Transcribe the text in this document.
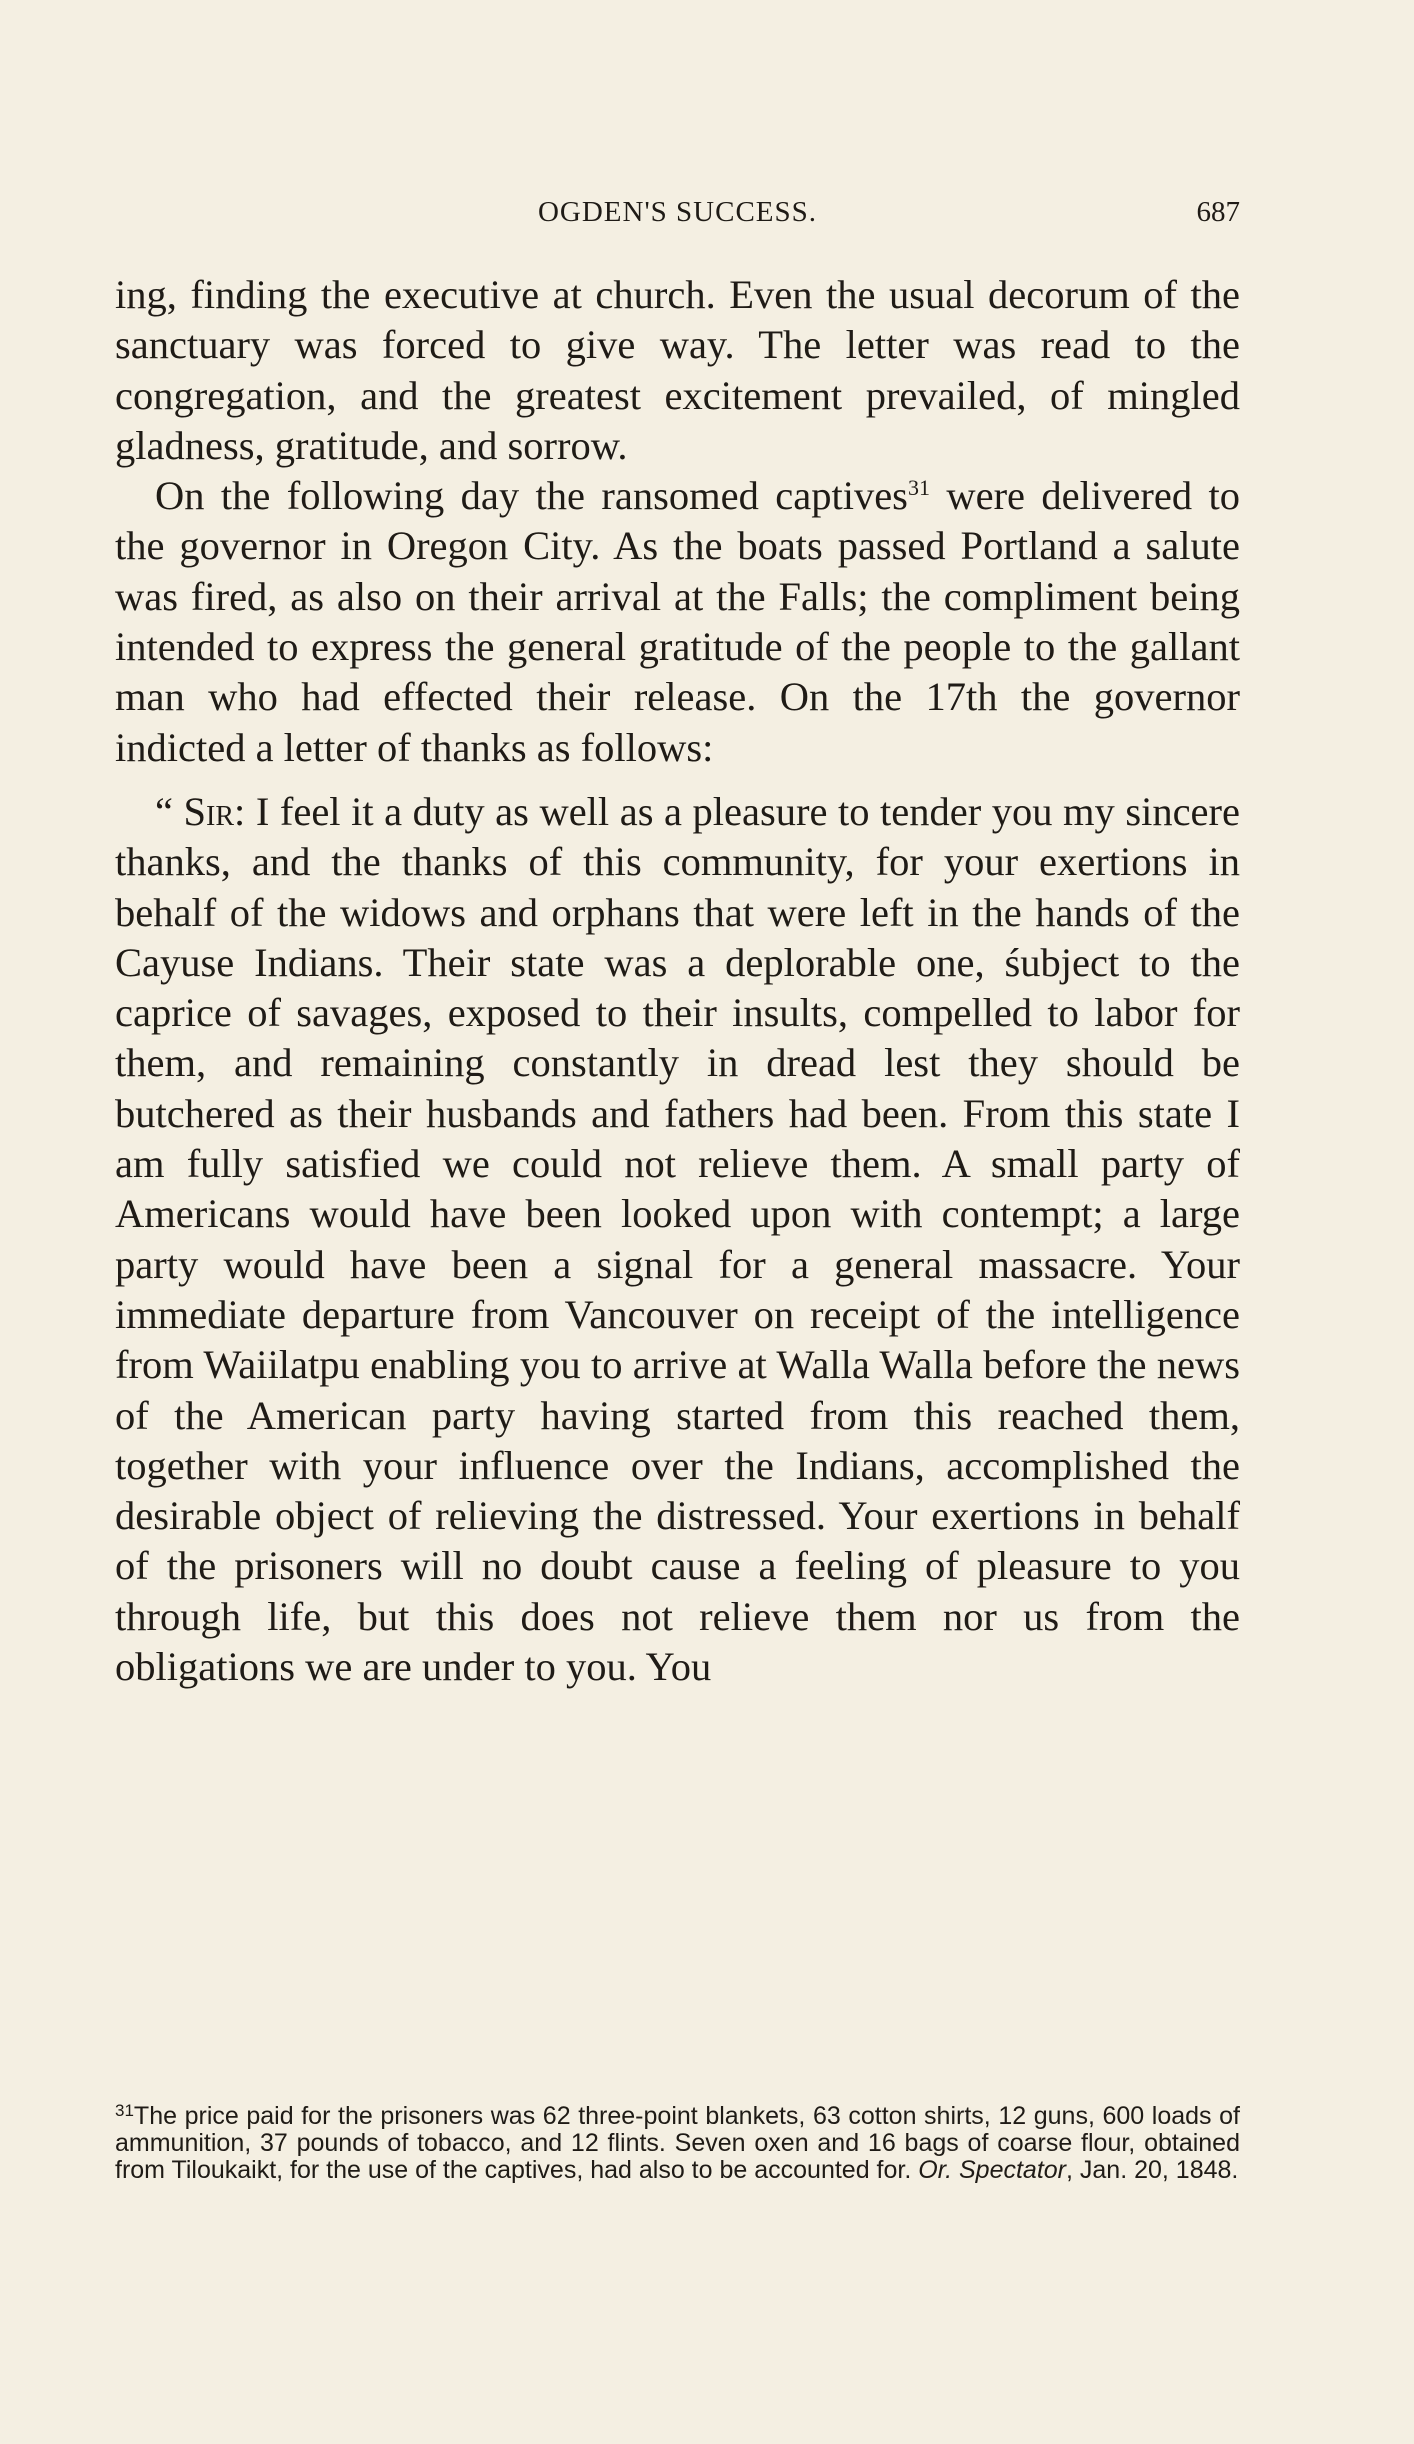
OGDEN'S SUCCESS.	687

ing, finding the executive at church. Even the usual decorum of the sanctuary was forced to give way. The letter was read to the congregation, and the greatest excitement prevailed, of mingled gladness, gratitude, and sorrow.

On the following day the ransomed captives$^{31}$ were delivered to the governor in Oregon City. As the boats passed Portland a salute was fired, as also on their arrival at the Falls; the compliment being intended to express the general gratitude of the people to the gallant man who had effected their release. On the 17th the governor indicted a letter of thanks as follows:

“ Sir: I feel it a duty as well as a pleasure to tender you my sincere thanks, and the thanks of this community, for your exertions in behalf of the widows and orphans that were left in the hands of the Cayuse Indians. Their state was a deplorable one, śubject to the caprice of savages, exposed to their insults, compelled to labor for them, and remaining constantly in dread lest they should be butchered as their husbands and fathers had been. From this state I am fully satisfied we could not relieve them. A small party of Americans would have been looked upon with contempt; a large party would have been a signal for a general massacre. Your immediate departure from Vancouver on receipt of the intelligence from Waiilatpu enabling you to arrive at Walla Walla before the news of the American party having started from this reached them, together with your influence over the Indians, accomplished the desirable object of relieving the distressed. Your exertions in behalf of the prisoners will no doubt cause a feeling of pleasure to you through life, but this does not relieve them nor us from the obligations we are under to you. You

$^{31}$The price paid for the prisoners was 62 three-point blankets, 63 cotton shirts, 12 guns, 600 loads of ammunition, 37 pounds of tobacco, and 12 flints. Seven oxen and 16 bags of coarse flour, obtained from Tiloukaikt, for the use of the captives, had also to be accounted for. Or. Spectator, Jan. 20, 1848.
